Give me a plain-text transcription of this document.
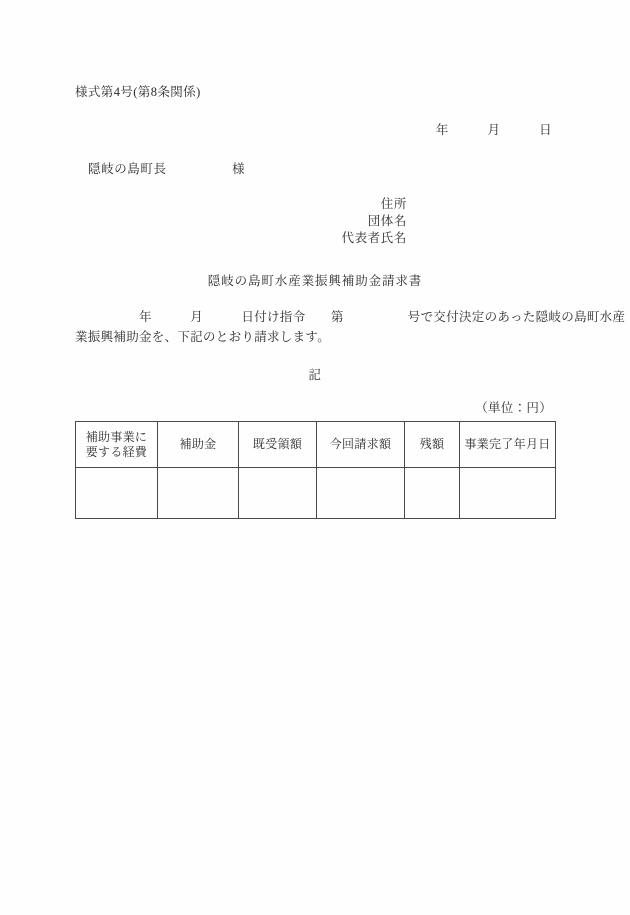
様式第4号(第8条関係)
年　　　月　　　日
隠岐の島町長　　　　　様
住所
団体名
代表者氏名
隠岐の島町水産業振興補助金請求書
　　　　　年　　　月　　　日付け指令　　第　　　　　号で交付決定のあった隠岐の島町水産
業振興補助金を、下記のとおり請求します。
記
（単位：円）
補助事業に
要する経費	補助金	既受領額	今回請求額	残額	事業完了年月日
